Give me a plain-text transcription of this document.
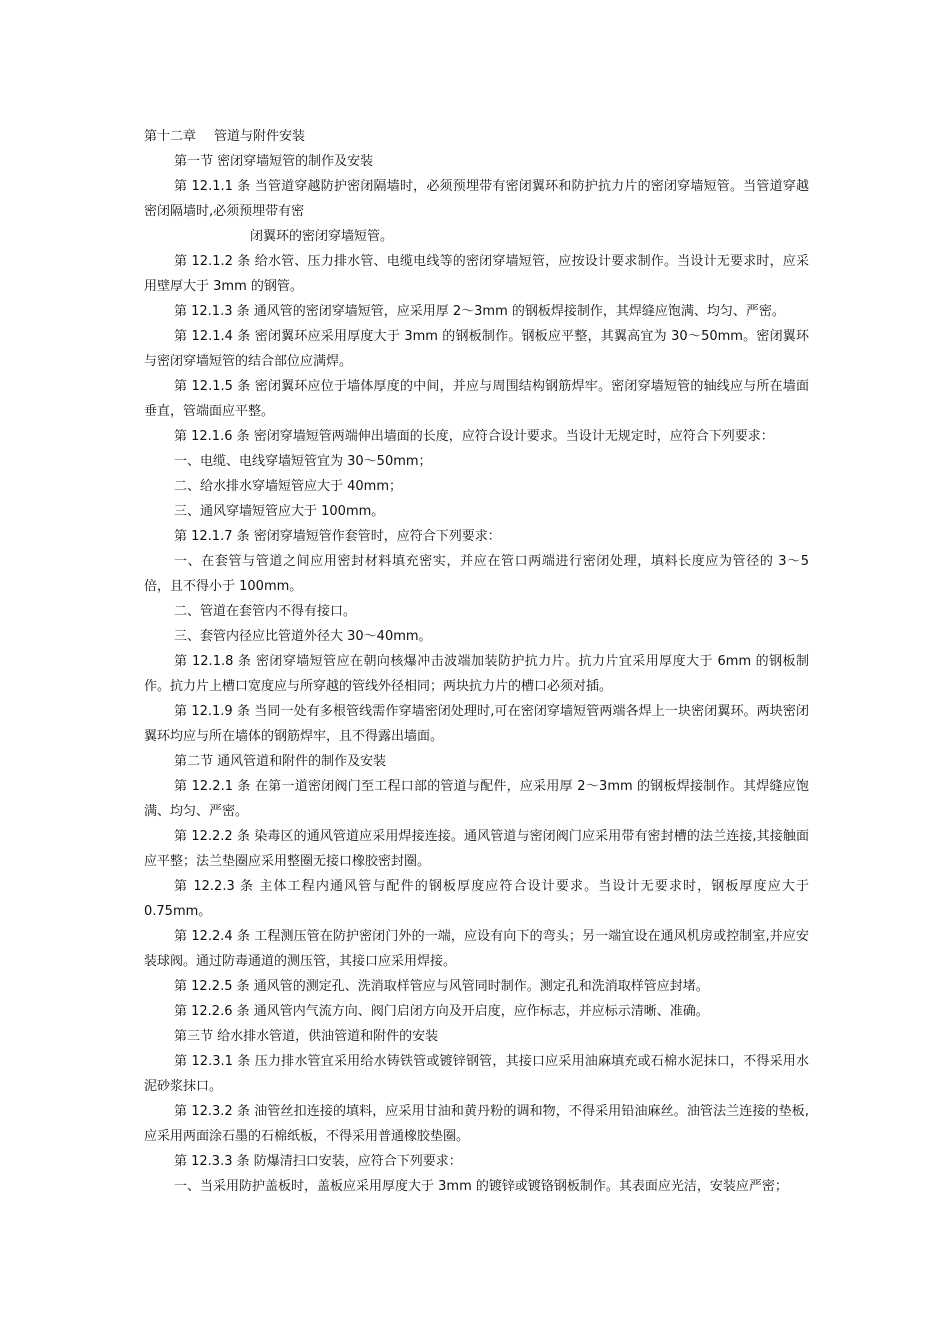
第十二章 管道与附件安装
第一节 密闭穿墙短管的制作及安装
第 12.1.1 条 当管道穿越防护密闭隔墙时，必须预埋带有密闭翼环和防护抗力片的密闭穿墙短管。当管道穿越密闭隔墙时,必须预埋带有密
闭翼环的密闭穿墙短管。
第 12.1.2 条 给水管、压力排水管、电缆电线等的密闭穿墙短管，应按设计要求制作。当设计无要求时，应采用壁厚大于 3mm 的钢管。
第 12.1.3 条 通风管的密闭穿墙短管，应采用厚 2～3mm 的钢板焊接制作，其焊缝应饱满、均匀、严密。
第 12.1.4 条 密闭翼环应采用厚度大于 3mm 的钢板制作。钢板应平整，其翼高宜为 30～50mm。密闭翼环与密闭穿墙短管的结合部位应满焊。
第 12.1.5 条 密闭翼环应位于墙体厚度的中间，并应与周围结构钢筋焊牢。密闭穿墙短管的轴线应与所在墙面垂直，管端面应平整。
第 12.1.6 条 密闭穿墙短管两端伸出墙面的长度，应符合设计要求。当设计无规定时，应符合下列要求：
一、电缆、电线穿墙短管宜为 30～50mm；
二、给水排水穿墙短管应大于 40mm；
三、通风穿墙短管应大于 100mm。
第 12.1.7 条 密闭穿墙短管作套管时，应符合下列要求：
一、在套管与管道之间应用密封材料填充密实，并应在管口两端进行密闭处理，填料长度应为管径的 3～5 倍，且不得小于 100mm。
二、管道在套管内不得有接口。
三、套管内径应比管道外径大 30～40mm。
第 12.1.8 条 密闭穿墙短管应在朝向核爆冲击波端加装防护抗力片。抗力片宜采用厚度大于 6mm 的钢板制作。抗力片上槽口宽度应与所穿越的管线外径相同；两块抗力片的槽口必须对插。
第 12.1.9 条 当同一处有多根管线需作穿墙密闭处理时,可在密闭穿墙短管两端各焊上一块密闭翼环。两块密闭翼环均应与所在墙体的钢筋焊牢，且不得露出墙面。
第二节 通风管道和附件的制作及安装
第 12.2.1 条 在第一道密闭阀门至工程口部的管道与配件，应采用厚 2～3mm 的钢板焊接制作。其焊缝应饱满、均匀、严密。
第 12.2.2 条 染毒区的通风管道应采用焊接连接。通风管道与密闭阀门应采用带有密封槽的法兰连接,其接触面应平整；法兰垫圈应采用整圈无接口橡胶密封圈。
第 12.2.3 条 主体工程内通风管与配件的钢板厚度应符合设计要求。当设计无要求时，钢板厚度应大于 0.75mm。
第 12.2.4 条 工程测压管在防护密闭门外的一端，应设有向下的弯头；另一端宜设在通风机房或控制室,并应安装球阀。通过防毒通道的测压管，其接口应采用焊接。
第 12.2.5 条 通风管的测定孔、洗消取样管应与风管同时制作。测定孔和洗消取样管应封堵。
第 12.2.6 条 通风管内气流方向、阀门启闭方向及开启度，应作标志，并应标示清晰、准确。
第三节 给水排水管道，供油管道和附件的安装
第 12.3.1 条 压力排水管宜采用给水铸铁管或镀锌钢管，其接口应采用油麻填充或石棉水泥抹口，不得采用水泥砂浆抹口。
第 12.3.2 条 油管丝扣连接的填料，应采用甘油和黄丹粉的调和物，不得采用铅油麻丝。油管法兰连接的垫板,应采用两面涂石墨的石棉纸板，不得采用普通橡胶垫圈。
第 12.3.3 条 防爆清扫口安装，应符合下列要求：
一、当采用防护盖板时，盖板应采用厚度大于 3mm 的镀锌或镀铬钢板制作。其表面应光洁，安装应严密；
